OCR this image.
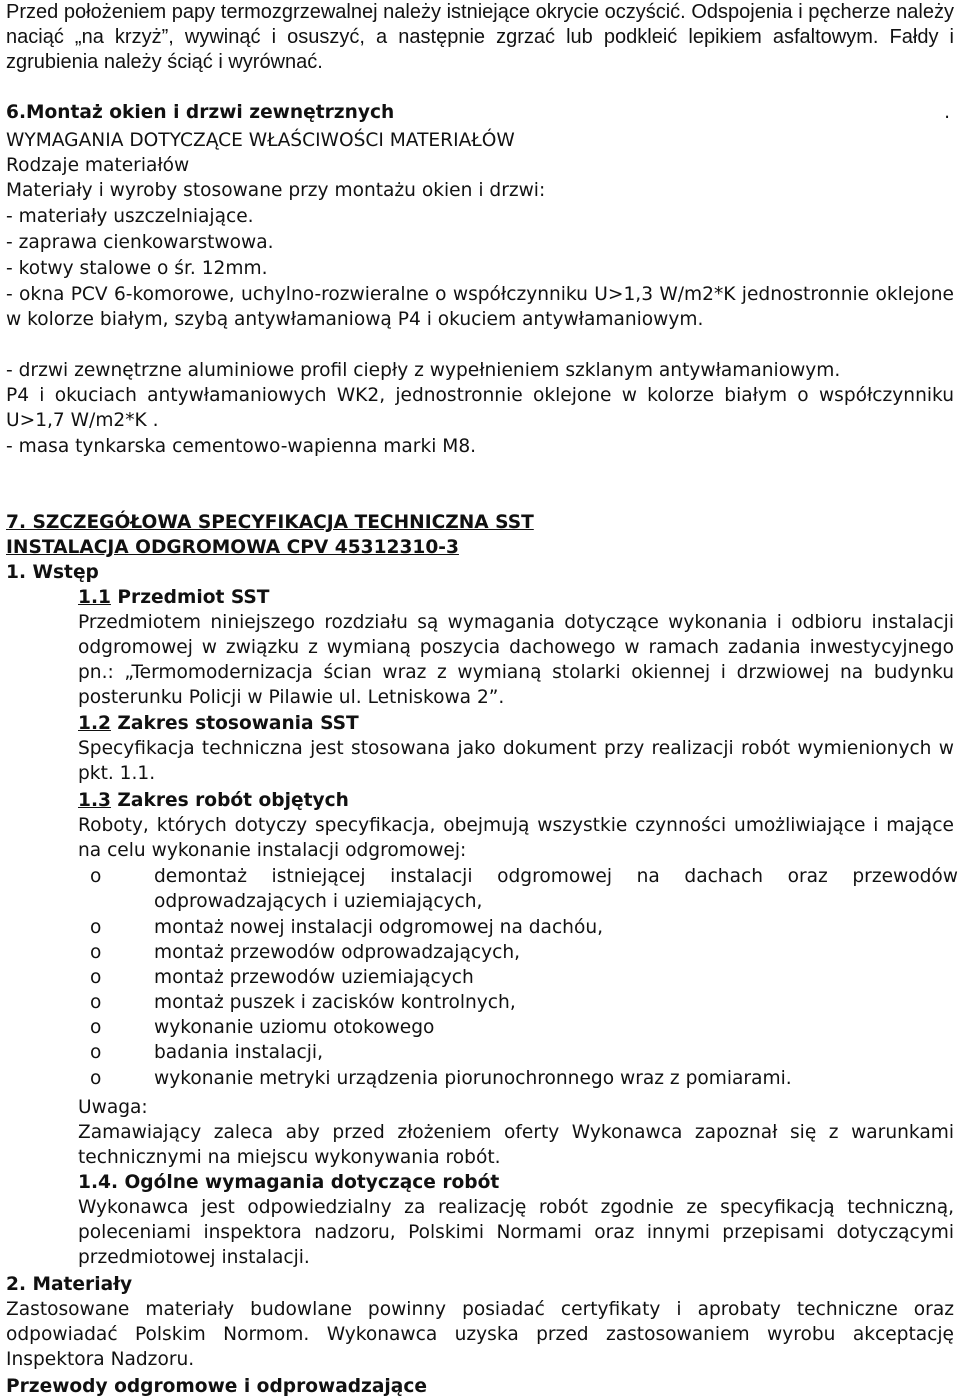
Przed położeniem papy termozgrzewalnej należy istniejące okrycie oczyścić. Odspojenia i pęcherze należy naciąć „na krzyż”, wywinąć i osuszyć, a następnie zgrzać lub podkleić lepikiem asfaltowym. Fałdy i zgrubienia należy ściąć i wyrównać.

6.Montaż okien i drzwi zewnętrznych	.

WYMAGANIA DOTYCZĄCE WŁAŚCIWOŚCI MATERIAŁÓW

Rodzaje materiałów

Materiały i wyroby stosowane przy montażu okien i drzwi:

- materiały uszczelniające.

- zaprawa cienkowarstwowa.

- kotwy stalowe o śr. 12mm.

- okna PCV 6-komorowe, uchylno-rozwieralne o współczynniku U>1,3 W/m2*K jednostronnie oklejone w kolorze białym, szybą antywłamaniową P4 i okuciem antywłamaniowym.

- drzwi zewnętrzne aluminiowe profil ciepły z wypełnieniem szklanym antywłamaniowym.

P4 i okuciach antywłamaniowych WK2, jednostronnie oklejone w kolorze białym o współczynniku U>1,7 W/m2*K .

- masa tynkarska cementowo-wapienna marki M8.

7. SZCZEGÓŁOWA SPECYFIKACJA TECHNICZNA SST

INSTALACJA ODGROMOWA CPV 45312310-3

1. Wstęp

1.1 Przedmiot SST

Przedmiotem niniejszego rozdziału są wymagania dotyczące wykonania i odbioru instalacji odgromowej w związku z wymianą poszycia dachowego w ramach zadania inwestycyjnego pn.: „Termomodernizacja ścian wraz z wymianą stolarki okiennej i drzwiowej na budynku posterunku Policji w Pilawie ul. Letniskowa 2”.

1.2 Zakres stosowania SST

Specyfikacja techniczna jest stosowana jako dokument przy realizacji robót wymienionych w pkt. 1.1.

1.3 Zakres robót objętych

Roboty, których dotyczy specyfikacja, obejmują wszystkie czynności umożliwiające i mające na celu wykonanie instalacji odgromowej:

o	demontaż istniejącej instalacji odgromowej na dachach oraz przewodów odprowadzających i uziemiających,
o	montaż nowej instalacji odgromowej na dachóu,
o	montaż przewodów odprowadzających,
o	montaż przewodów uziemiających
o	montaż puszek i zacisków kontrolnych,
o	wykonanie uziomu otokowego
o	badania instalacji,
o	wykonanie metryki urządzenia piorunochronnego wraz z pomiarami.

Uwaga:

Zamawiający zaleca aby przed złożeniem oferty Wykonawca zapoznał się z warunkami technicznymi na miejscu wykonywania robót.

1.4. Ogólne wymagania dotyczące robót

Wykonawca jest odpowiedzialny za realizację robót zgodnie ze specyfikacją techniczną, poleceniami inspektora nadzoru, Polskimi Normami oraz innymi przepisami dotyczącymi przedmiotowej instalacji.

2. Materiały

Zastosowane materiały budowlane powinny posiadać certyfikaty i aprobaty techniczne oraz odpowiadać Polskim Normom. Wykonawca uzyska przed zastosowaniem wyrobu akceptację Inspektora Nadzoru.

Przewody odgromowe i odprowadzające
